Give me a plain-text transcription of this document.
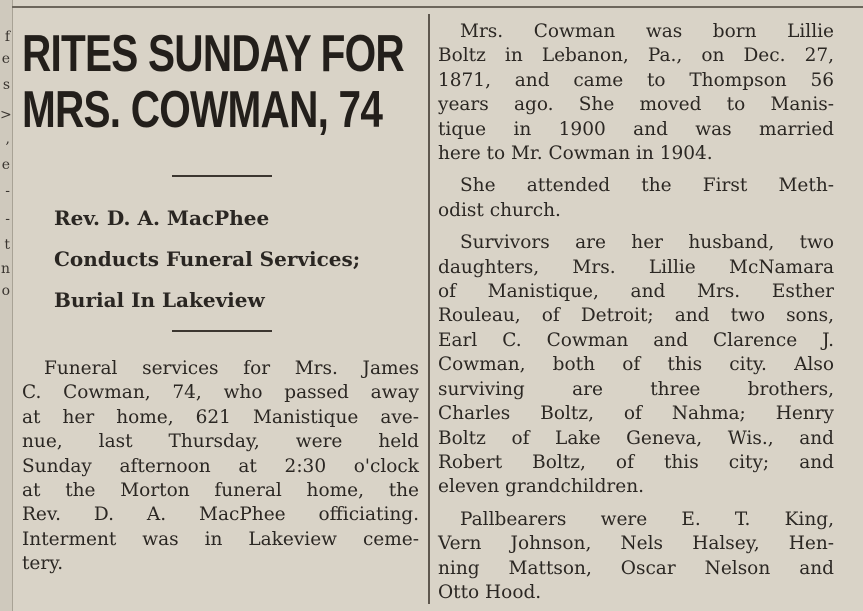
f
e
s
>
,
e
-
-
t
n
o
RITES SUNDAY FOR
MRS. COWMAN, 74
Rev. D. A. MacPhee
Conducts Funeral Services;
Burial In Lakeview
Funeral services for Mrs. James
C. Cowman, 74, who passed away
at her home, 621 Manistique ave-
nue, last Thursday, were held
Sunday afternoon at 2:30 o'clock
at the Morton funeral home, the
Rev. D. A. MacPhee officiating.
Interment was in Lakeview ceme-
tery.
Mrs. Cowman was born Lillie
Boltz in Lebanon, Pa., on Dec. 27,
1871, and came to Thompson 56
years ago. She moved to Manis-
tique in 1900 and was married
here to Mr. Cowman in 1904.
She attended the First Meth-
odist church.
Survivors are her husband, two
daughters, Mrs. Lillie McNamara
of Manistique, and Mrs. Esther
Rouleau, of Detroit; and two sons,
Earl C. Cowman and Clarence J.
Cowman, both of this city. Also
surviving are three brothers,
Charles Boltz, of Nahma; Henry
Boltz of Lake Geneva, Wis., and
Robert Boltz, of this city; and
eleven grandchildren.
Pallbearers were E. T. King,
Vern Johnson, Nels Halsey, Hen-
ning Mattson, Oscar Nelson and
Otto Hood.
